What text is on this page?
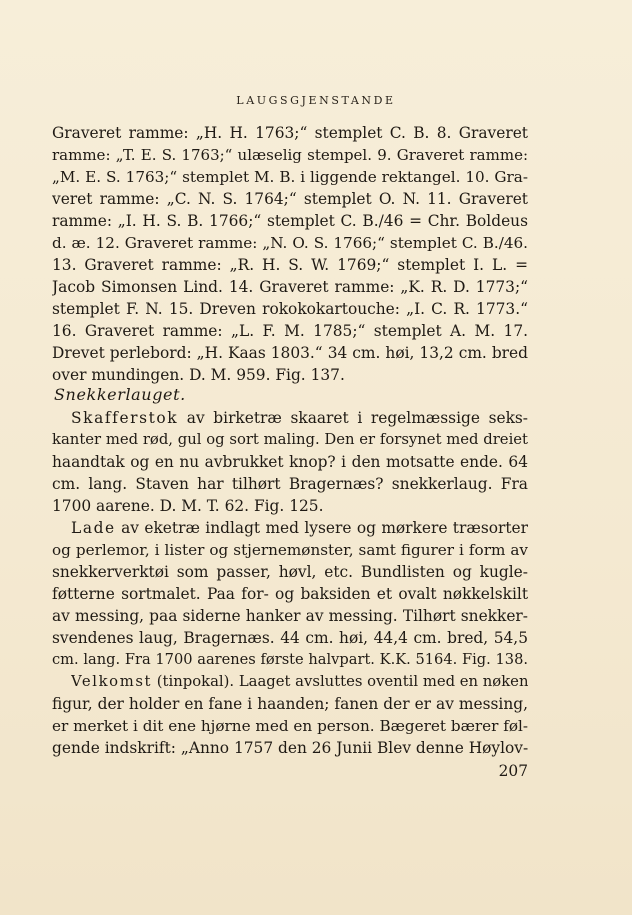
LAUGSGJENSTANDE
Graveret ramme: „H. H. 1763;“ stemplet C. B. 8. Graveret
ramme: „T. E. S. 1763;“ ulæselig stempel. 9. Graveret ramme:
„M. E. S. 1763;“ stemplet M. B. i liggende rektangel. 10. Gra-
veret ramme: „C. N. S. 1764;“ stemplet O. N. 11. Graveret
ramme: „I. H. S. B. 1766;“ stemplet C. B./46 = Chr. Boldeus
d. æ. 12. Graveret ramme: „N. O. S. 1766;“ stemplet C. B./46.
13. Graveret ramme: „R. H. S. W. 1769;“ stemplet I. L. =
Jacob Simonsen Lind. 14. Graveret ramme: „K. R. D. 1773;“
stemplet F. N. 15. Dreven rokokokartouche: „I. C. R. 1773.“
16. Graveret ramme: „L. F. M. 1785;“ stemplet A. M. 17.
Drevet perlebord: „H. Kaas 1803.“ 34 cm. høi, 13,2 cm. bred
over mundingen. D. M. 959. Fig. 137.
Snekkerlauget.
Skafferstok av birketræ skaaret i regelmæssige seks-
kanter med rød, gul og sort maling. Den er forsynet med dreiet
haandtak og en nu avbrukket knop? i den motsatte ende. 64
cm. lang. Staven har tilhørt Bragernæs? snekkerlaug. Fra
1700 aarene. D. M. T. 62. Fig. 125.
Lade av eketræ indlagt med lysere og mørkere træsorter
og perlemor, i lister og stjernemønster, samt figurer i form av
snekkerverktøi som passer, høvl, etc. Bundlisten og kugle-
føtterne sortmalet. Paa for- og baksiden et ovalt nøkkelskilt
av messing, paa siderne hanker av messing. Tilhørt snekker-
svendenes laug, Bragernæs. 44 cm. høi, 44,4 cm. bred, 54,5
cm. lang. Fra 1700 aarenes første halvpart. K.K. 5164. Fig. 138.
Velkomst (tinpokal). Laaget avsluttes oventil med en nøken
figur, der holder en fane i haanden; fanen der er av messing,
er merket i dit ene hjørne med en person. Bægeret bærer føl-
gende indskrift: „Anno 1757 den 26 Junii Blev denne Høylov-
207
